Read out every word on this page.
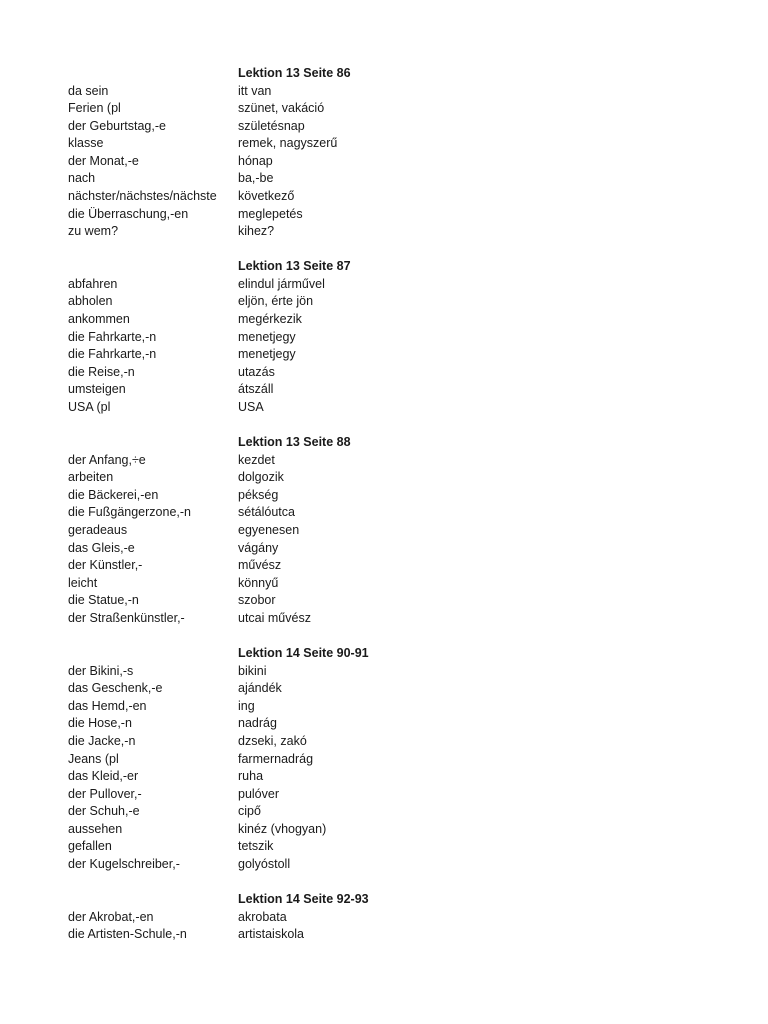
Lektion 13 Seite 86
da sein	itt van
Ferien (pl	szünet, vakáció
der Geburtstag,-e	születésnap
klasse	remek, nagyszerű
der Monat,-e	hónap
nach	ba,-be
nächster/nächstes/nächste	következő
die Überraschung,-en	meglepetés
zu wem?	kihez?
Lektion 13 Seite 87
abfahren	elindul járművel
abholen	eljön, érte jön
ankommen	megérkezik
die Fahrkarte,-n	menetjegy
die Fahrkarte,-n	menetjegy
die Reise,-n	utazás
umsteigen	átszáll
USA (pl	USA
Lektion 13 Seite 88
der Anfang,÷e	kezdet
arbeiten	dolgozik
die Bäckerei,-en	pékség
die Fußgängerzone,-n	sétálóutca
geradeaus	egyenesen
das Gleis,-e	vágány
der Künstler,-	művész
leicht	könnyű
die Statue,-n	szobor
der Straßenkünstler,-	utcai művész
Lektion 14 Seite 90-91
der Bikini,-s	bikini
das Geschenk,-e	ajándék
das Hemd,-en	ing
die Hose,-n	nadrág
die Jacke,-n	dzseki, zakó
Jeans (pl	farmernadrág
das Kleid,-er	ruha
der Pullover,-	pulóver
der Schuh,-e	cipő
aussehen	kinéz (vhogyan)
gefallen	tetszik
der Kugelschreiber,-	golyóstoll
Lektion 14 Seite 92-93
der Akrobat,-en	akrobata
die Artisten-Schule,-n	artistaiskola
